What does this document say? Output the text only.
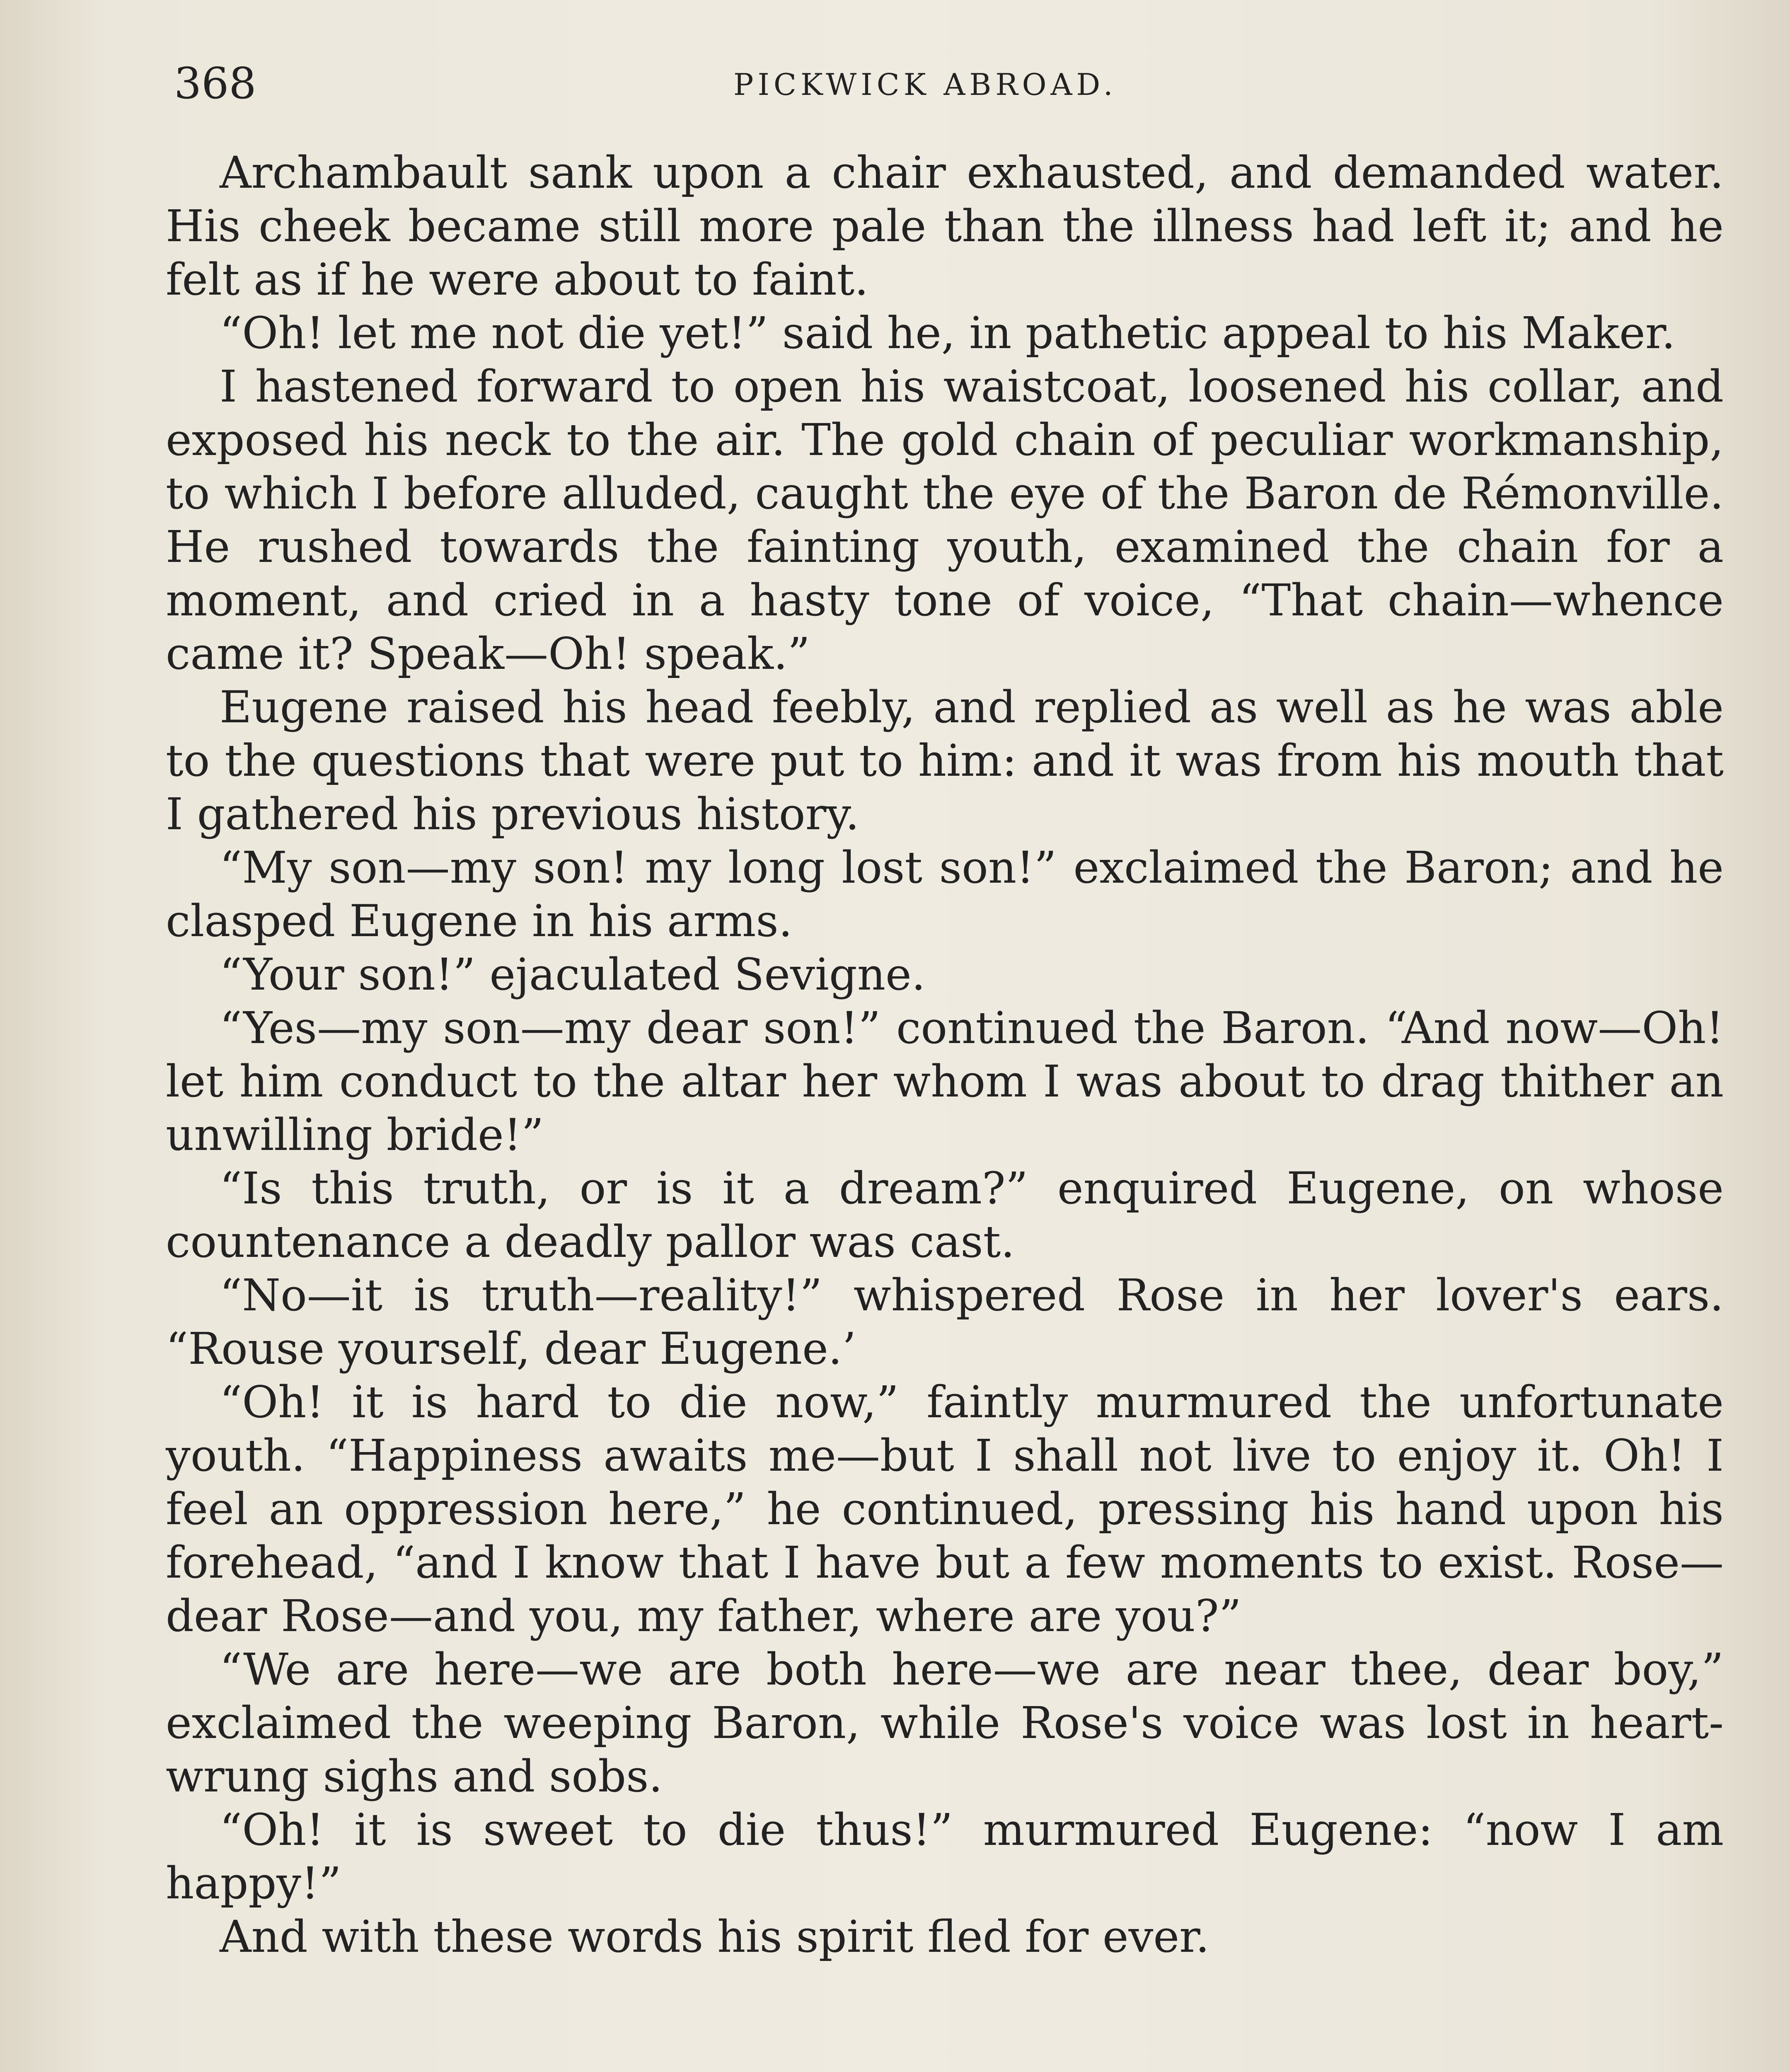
368	PICKWICK ABROAD.

Archambault sank upon a chair exhausted, and demanded water. His cheek became still more pale than the illness had left it; and he felt as if he were about to faint.

“Oh! let me not die yet!” said he, in pathetic appeal to his Maker.

I hastened forward to open his waistcoat, loosened his collar, and exposed his neck to the air. The gold chain of peculiar workmanship, to which I before alluded, caught the eye of the Baron de Rémonville. He rushed towards the fainting youth, examined the chain for a moment, and cried in a hasty tone of voice, “That chain—whence came it? Speak—Oh! speak.”

Eugene raised his head feebly, and replied as well as he was able to the questions that were put to him: and it was from his mouth that I gathered his previous history.

“My son—my son! my long lost son!” exclaimed the Baron; and he clasped Eugene in his arms.

“Your son!” ejaculated Sevigne.

“Yes—my son—my dear son!” continued the Baron. “And now—Oh! let him conduct to the altar her whom I was about to drag thither an unwilling bride!”

“Is this truth, or is it a dream?” enquired Eugene, on whose countenance a deadly pallor was cast.

“No—it is truth—reality!” whispered Rose in her lover's ears. “Rouse yourself, dear Eugene.’

“Oh! it is hard to die now,” faintly murmured the unfortunate youth. “Happiness awaits me—but I shall not live to enjoy it. Oh! I feel an oppression here,” he continued, pressing his hand upon his forehead, “and I know that I have but a few moments to exist. Rose—dear Rose—and you, my father, where are you?”

“We are here—we are both here—we are near thee, dear boy,” exclaimed the weeping Baron, while Rose's voice was lost in heart-wrung sighs and sobs.

“Oh! it is sweet to die thus!” murmured Eugene: “now I am happy!”

And with these words his spirit fled for ever.
